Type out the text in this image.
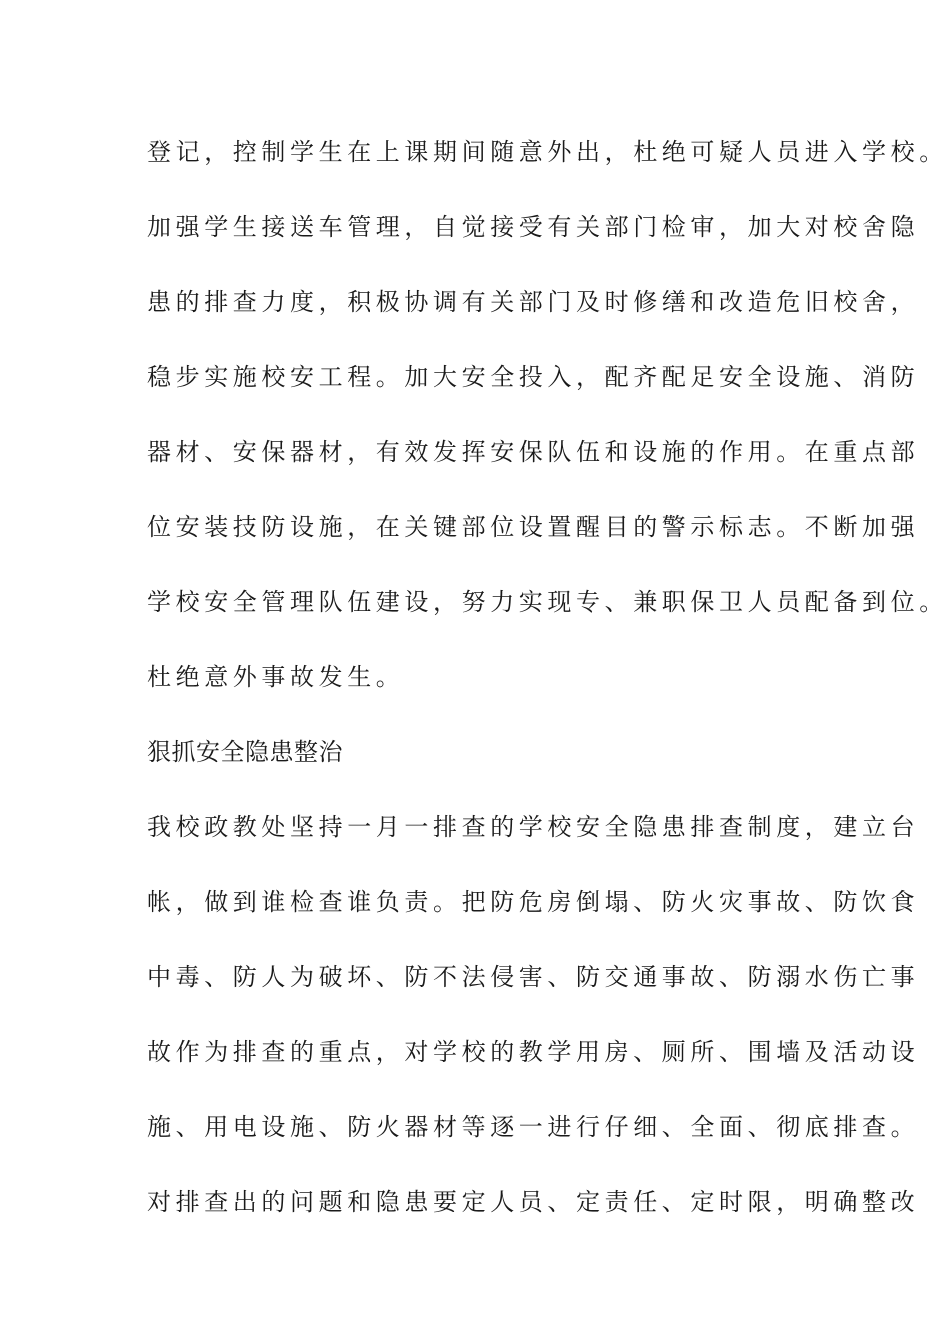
登记，控制学生在上课期间随意外出，杜绝可疑人员进入学校。
加强学生接送车管理，自觉接受有关部门检审，加大对校舍隐
患的排查力度，积极协调有关部门及时修缮和改造危旧校舍，
稳步实施校安工程。加大安全投入，配齐配足安全设施、消防
器材、安保器材，有效发挥安保队伍和设施的作用。在重点部
位安装技防设施，在关键部位设置醒目的警示标志。不断加强
学校安全管理队伍建设，努力实现专、兼职保卫人员配备到位。
杜绝意外事故发生。
狠抓安全隐患整治
我校政教处坚持一月一排查的学校安全隐患排查制度，建立台
帐，做到谁检查谁负责。把防危房倒塌、防火灾事故、防饮食
中毒、防人为破坏、防不法侵害、防交通事故、防溺水伤亡事
故作为排查的重点，对学校的教学用房、厕所、围墙及活动设
施、用电设施、防火器材等逐一进行仔细、全面、彻底排查。
对排查出的问题和隐患要定人员、定责任、定时限，明确整改
